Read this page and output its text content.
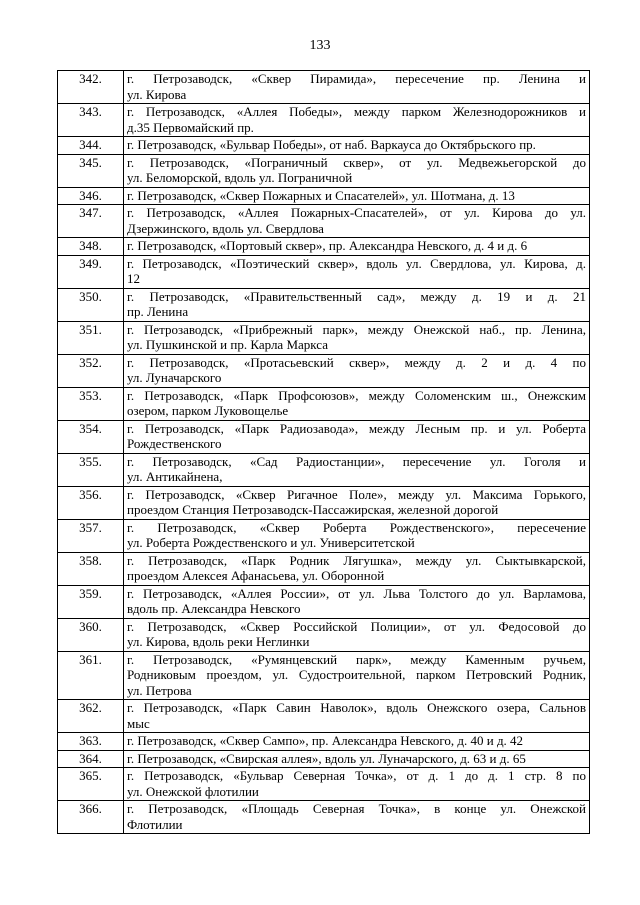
133
342.	г. Петрозаводск, «Сквер Пирамида», пересечение пр. Ленина и
ул. Кирова

343.	г. Петрозаводск, «Аллея Победы», между парком Железнодорожников и
д.35 Первомайский пр.

344.	г. Петрозаводск, «Бульвар Победы», от наб. Варкауса до Октябрьского пр.

345.	г. Петрозаводск, «Пограничный сквер», от ул. Медвежьегорской до
ул. Беломорской, вдоль ул. Пограничной

346.	г. Петрозаводск, «Сквер Пожарных и Спасателей», ул. Шотмана, д. 13

347.	г. Петрозаводск, «Аллея Пожарных-Спасателей», от ул. Кирова до ул.
Дзержинского, вдоль ул. Свердлова

348.	г. Петрозаводск, «Портовый сквер», пр. Александра Невского, д. 4 и д. 6

349.	г. Петрозаводск, «Поэтический сквер», вдоль ул. Свердлова, ул. Кирова, д.
12

350.	г. Петрозаводск, «Правительственный сад», между д. 19 и д. 21
пр. Ленина

351.	г. Петрозаводск, «Прибрежный парк», между Онежской наб., пр. Ленина,
ул. Пушкинской и пр. Карла Маркса

352.	г. Петрозаводск, «Протасьевский сквер», между д. 2 и д. 4 по
ул. Луначарского

353.	г. Петрозаводск, «Парк Профсоюзов», между Соломенским ш., Онежским
озером, парком Луковощелье

354.	г. Петрозаводск, «Парк Радиозавода», между Лесным пр. и ул. Роберта
Рождественского

355.	г. Петрозаводск, «Сад Радиостанции», пересечение ул. Гоголя и
ул. Антикайнена,

356.	г. Петрозаводск, «Сквер Ригачное Поле», между ул. Максима Горького,
проездом Станция Петрозаводск-Пассажирская, железной дорогой

357.	г. Петрозаводск, «Сквер Роберта Рождественского», пересечение
ул. Роберта Рождественского и ул. Университетской

358.	г. Петрозаводск, «Парк Родник Лягушка», между ул. Сыктывкарской,
проездом Алексея Афанасьева, ул. Оборонной

359.	г. Петрозаводск, «Аллея России», от ул. Льва Толстого до ул. Варламова,
вдоль пр. Александра Невского

360.	г. Петрозаводск, «Сквер Российской Полиции», от ул. Федосовой до
ул. Кирова, вдоль реки Неглинки

361.	г. Петрозаводск, «Румянцевский парк», между Каменным ручьем,
Родниковым проездом, ул. Судостроительной, парком Петровский Родник,
ул. Петрова

362.	г. Петрозаводск, «Парк Савин Наволок», вдоль Онежского озера, Сальнов
мыс

363.	г. Петрозаводск, «Сквер Сампо», пр. Александра Невского, д. 40 и д. 42

364.	г. Петрозаводск, «Свирская аллея», вдоль ул. Луначарского, д. 63 и д. 65

365.	г. Петрозаводск, «Бульвар Северная Точка», от д. 1 до д. 1 стр. 8 по
ул. Онежской флотилии

366.	г. Петрозаводск, «Площадь Северная Точка», в конце ул. Онежской
Флотилии
